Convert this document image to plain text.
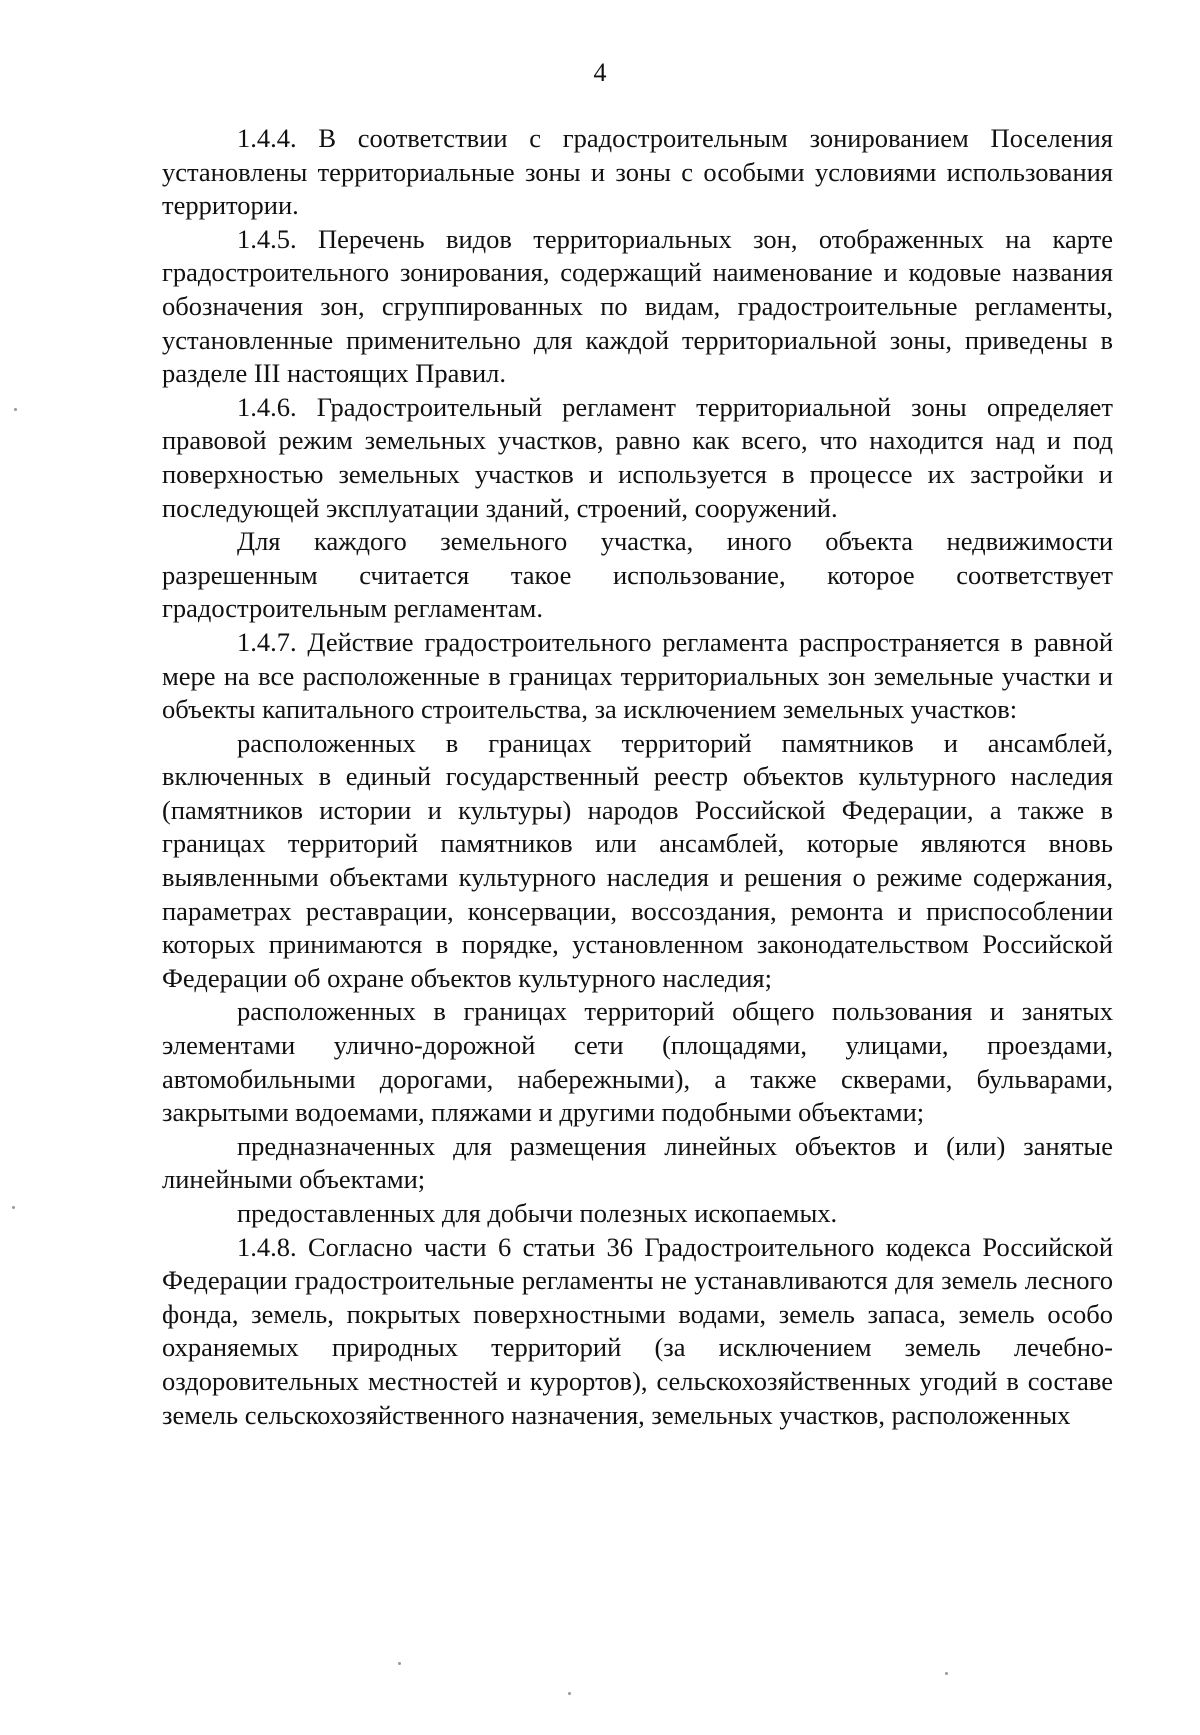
4

1.4.4. В соответствии с градостроительным зонированием Поселения установлены территориальные зоны и зоны с особыми условиями использования территории.

1.4.5. Перечень видов территориальных зон, отображенных на карте градостроительного зонирования, содержащий наименование и кодовые названия обозначения зон, сгруппированных по видам, градостроительные регламенты, установленные применительно для каждой территориальной зоны, приведены в разделе III настоящих Правил.

1.4.6. Градостроительный регламент территориальной зоны определяет правовой режим земельных участков, равно как всего, что находится над и под поверхностью земельных участков и используется в процессе их застройки и последующей эксплуатации зданий, строений, сооружений.

Для каждого земельного участка, иного объекта недвижимости разрешенным считается такое использование, которое соответствует градостроительным регламентам.

1.4.7. Действие градостроительного регламента распространяется в равной мере на все расположенные в границах территориальных зон земельные участки и объекты капитального строительства, за исключением земельных участков:

расположенных в границах территорий памятников и ансамблей, включенных в единый государственный реестр объектов культурного наследия (памятников истории и культуры) народов Российской Федерации, а также в границах территорий памятников или ансамблей, которые являются вновь выявленными объектами культурного наследия и решения о режиме содержания, параметрах реставрации, консервации, воссоздания, ремонта и приспособлении которых принимаются в порядке, установленном законодательством Российской Федерации об охране объектов культурного наследия;

расположенных в границах территорий общего пользования и занятых элементами улично-дорожной сети (площадями, улицами, проездами, автомобильными дорогами, набережными), а также скверами, бульварами, закрытыми водоемами, пляжами и другими подобными объектами;

предназначенных для размещения линейных объектов и (или) занятые линейными объектами;

предоставленных для добычи полезных ископаемых.

1.4.8. Согласно части 6 статьи 36 Градостроительного кодекса Российской Федерации градостроительные регламенты не устанавливаются для земель лесного фонда, земель, покрытых поверхностными водами, земель запаса, земель особо охраняемых природных территорий (за исключением земель лечебно-оздоровительных местностей и курортов), сельскохозяйственных угодий в составе земель сельскохозяйственного назначения, земельных участков, расположенных
